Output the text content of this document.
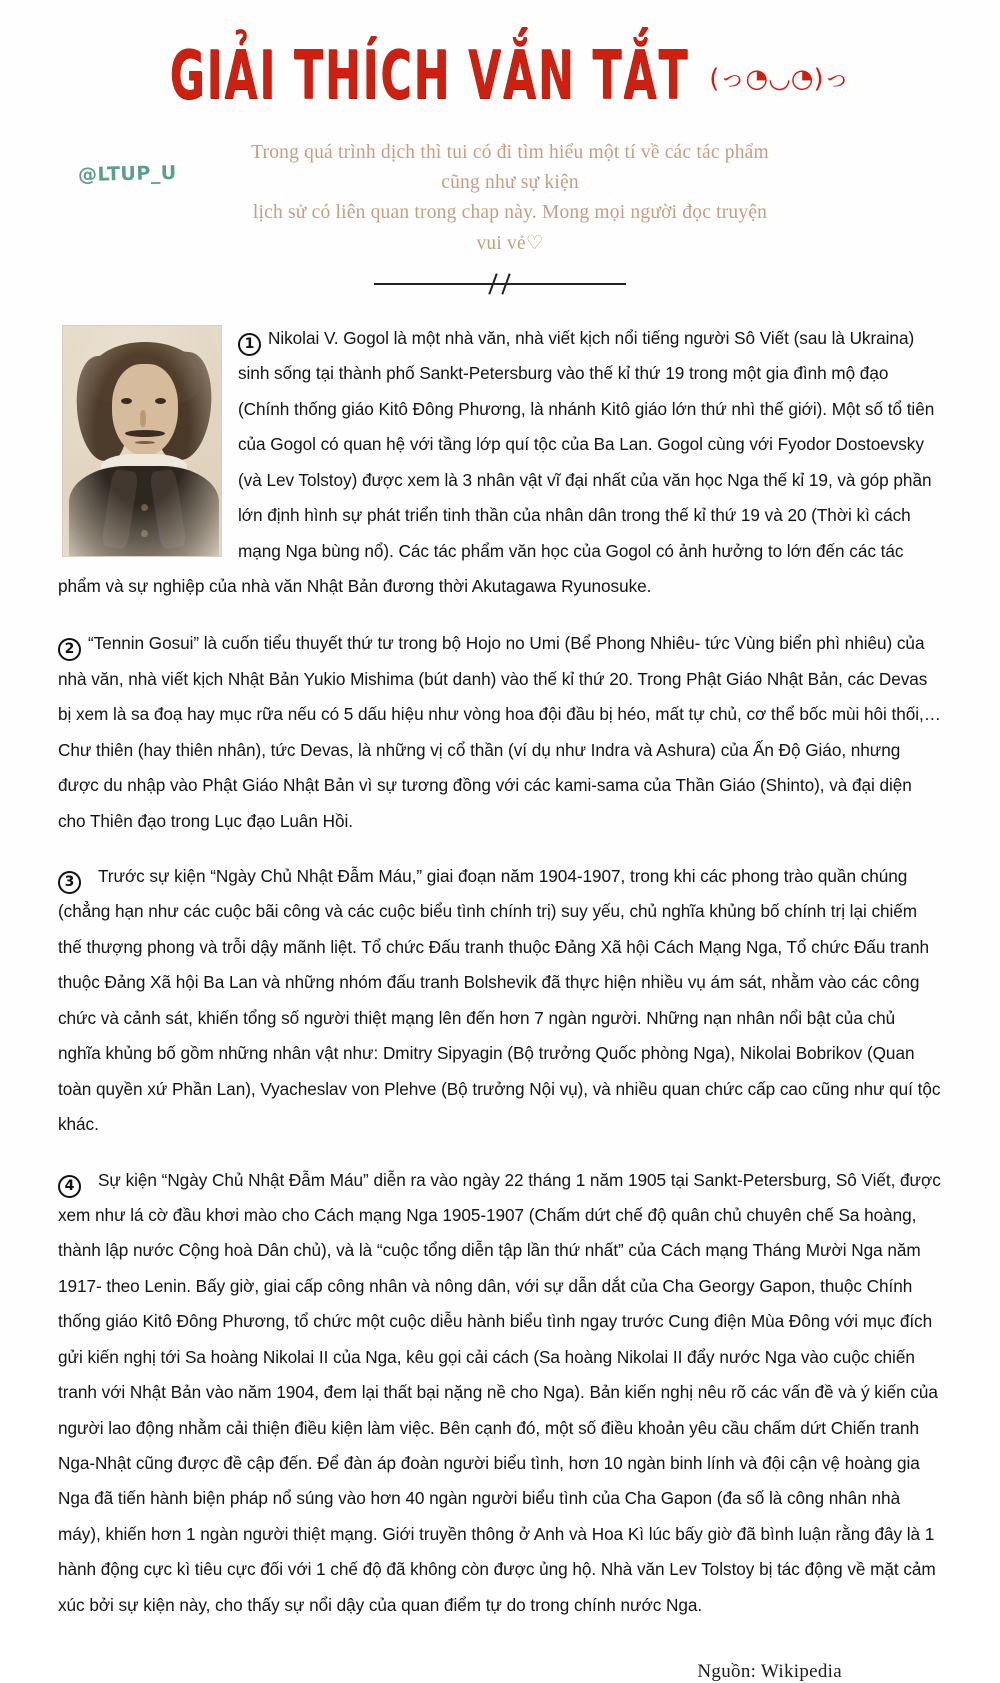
GIẢI THÍCH VẮN TẮT (っ◔◡◔)っ
@LTUP_U
Trong quá trình dịch thì tui có đi tìm hiểu một tí về các tác phẩm cũng như sự kiện
lịch sử có liên quan trong chap này. Mong mọi người đọc truyện vui vẻ♡

1 Nikolai V. Gogol là một nhà văn, nhà viết kịch nổi tiếng người Sô Viết (sau là Ukraina) sinh sống tại thành phố Sankt-Petersburg vào thế kỉ thứ 19 trong một gia đình mộ đạo (Chính thống giáo Kitô Đông Phương, là nhánh Kitô giáo lớn thứ nhì thế giới). Một số tổ tiên của Gogol có quan hệ với tầng lớp quí tộc của Ba Lan. Gogol cùng với Fyodor Dostoevsky (và Lev Tolstoy) được xem là 3 nhân vật vĩ đại nhất của văn học Nga thế kỉ 19, và góp phần lớn định hình sự phát triển tinh thần của nhân dân trong thế kỉ thứ 19 và 20 (Thời kì cách mạng Nga bùng nổ). Các tác phẩm văn học của Gogol có ảnh hưởng to lớn đến các tác phẩm và sự nghiệp của nhà văn Nhật Bản đương thời Akutagawa Ryunosuke.

2 “Tennin Gosui” là cuốn tiểu thuyết thứ tư trong bộ Hojo no Umi (Bể Phong Nhiêu- tức Vùng biển phì nhiêu) của nhà văn, nhà viết kịch Nhật Bản Yukio Mishima (bút danh) vào thế kỉ thứ 20. Trong Phật Giáo Nhật Bản, các Devas bị xem là sa đoạ hay mục rữa nếu có 5 dấu hiệu như vòng hoa đội đầu bị héo, mất tự chủ, cơ thể bốc mùi hôi thối,… Chư thiên (hay thiên nhân), tức Devas, là những vị cổ thần (ví dụ như Indra và Ashura) của Ấn Độ Giáo, nhưng được du nhập vào Phật Giáo Nhật Bản vì sự tương đồng với các kami-sama của Thần Giáo (Shinto), và đại diện cho Thiên đạo trong Lục đạo Luân Hồi.

3 Trước sự kiện “Ngày Chủ Nhật Đẫm Máu,” giai đoạn năm 1904-1907, trong khi các phong trào quần chúng (chẳng hạn như các cuộc bãi công và các cuộc biểu tình chính trị) suy yếu, chủ nghĩa khủng bố chính trị lại chiếm thế thượng phong và trỗi dậy mãnh liệt. Tổ chức Đấu tranh thuộc Đảng Xã hội Cách Mạng Nga, Tổ chức Đấu tranh thuộc Đảng Xã hội Ba Lan và những nhóm đấu tranh Bolshevik đã thực hiện nhiều vụ ám sát, nhằm vào các công chức và cảnh sát, khiến tổng số người thiệt mạng lên đến hơn 7 ngàn người. Những nạn nhân nổi bật của chủ nghĩa khủng bố gồm những nhân vật như: Dmitry Sipyagin (Bộ trưởng Quốc phòng Nga), Nikolai Bobrikov (Quan toàn quyền xứ Phần Lan), Vyacheslav von Plehve (Bộ trưởng Nội vụ), và nhiều quan chức cấp cao cũng như quí tộc khác.

4 Sự kiện “Ngày Chủ Nhật Đẫm Máu” diễn ra vào ngày 22 tháng 1 năm 1905 tại Sankt-Petersburg, Sô Viết, được xem như lá cờ đầu khơi mào cho Cách mạng Nga 1905-1907 (Chấm dứt chế độ quân chủ chuyên chế Sa hoàng, thành lập nước Cộng hoà Dân chủ), và là “cuộc tổng diễn tập lần thứ nhất” của Cách mạng Tháng Mười Nga năm 1917- theo Lenin. Bấy giờ, giai cấp công nhân và nông dân, với sự dẫn dắt của Cha Georgy Gapon, thuộc Chính thống giáo Kitô Đông Phương, tổ chức một cuộc diễu hành biểu tình ngay trước Cung điện Mùa Đông với mục đích gửi kiến nghị tới Sa hoàng Nikolai II của Nga, kêu gọi cải cách (Sa hoàng Nikolai II đẩy nước Nga vào cuộc chiến tranh với Nhật Bản vào năm 1904, đem lại thất bại nặng nề cho Nga). Bản kiến nghị nêu rõ các vấn đề và ý kiến của người lao động nhằm cải thiện điều kiện làm việc. Bên cạnh đó, một số điều khoản yêu cầu chấm dứt Chiến tranh Nga-Nhật cũng được đề cập đến. Để đàn áp đoàn người biểu tình, hơn 10 ngàn binh lính và đội cận vệ hoàng gia Nga đã tiến hành biện pháp nổ súng vào hơn 40 ngàn người biểu tình của Cha Gapon (đa số là công nhân nhà máy), khiến hơn 1 ngàn người thiệt mạng. Giới truyền thông ở Anh và Hoa Kì lúc bấy giờ đã bình luận rằng đây là 1 hành động cực kì tiêu cực đối với 1 chế độ đã không còn được ủng hộ. Nhà văn Lev Tolstoy bị tác động về mặt cảm xúc bởi sự kiện này, cho thấy sự nổi dậy của quan điểm tự do trong chính nước Nga.

Nguồn: Wikipedia
